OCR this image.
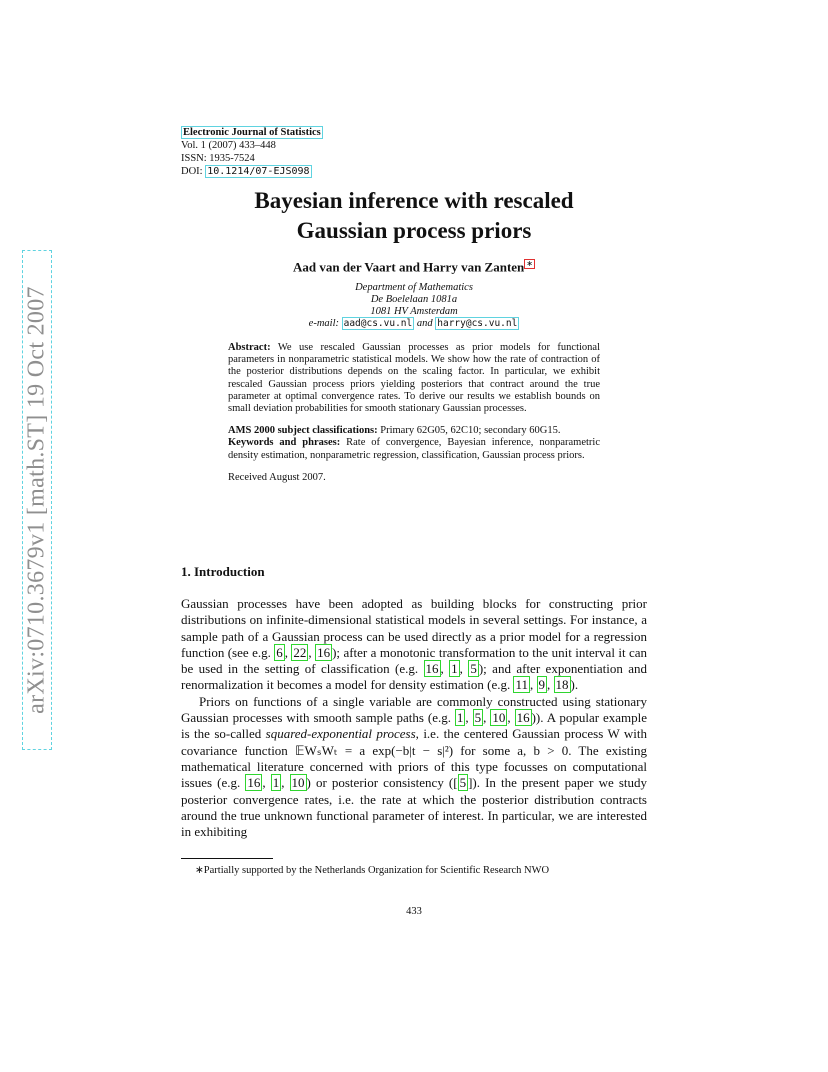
arXiv:0710.3679v1 [math.ST] 19 Oct 2007
Electronic Journal of Statistics
Vol. 1 (2007) 433–448
ISSN: 1935-7524
DOI: 10.1214/07-EJS098
Bayesian inference with rescaled
Gaussian process priors
Aad van der Vaart and Harry van Zanten ∗
Department of Mathematics
De Boelelaan 1081a
1081 HV Amsterdam
e-mail: aad@cs.vu.nl and harry@cs.vu.nl

Abstract: We use rescaled Gaussian processes as prior models for functional parameters in nonparametric statistical models. We show how the rate of contraction of the posterior distributions depends on the scaling factor. In particular, we exhibit rescaled Gaussian process priors yielding posteriors that contract around the true parameter at optimal convergence rates. To derive our results we establish bounds on small deviation probabilities for smooth stationary Gaussian processes.

AMS 2000 subject classifications: Primary 62G05, 62C10; secondary 60G15.

Keywords and phrases: Rate of convergence, Bayesian inference, nonparametric density estimation, nonparametric regression, classification, Gaussian process priors.

Received August 2007.

1. Introduction

Gaussian processes have been adopted as building blocks for constructing prior distributions on infinite-dimensional statistical models in several settings. For instance, a sample path of a Gaussian process can be used directly as a prior model for a regression function (see e.g. 6 , 22 , 16 ); after a monotonic transformation to the unit interval it can be used in the setting of classification (e.g. 16 , 1 , 5 ); and after exponentiation and renormalization it becomes a model for density estimation (e.g. 11 , 9 , 18 ).

Priors on functions of a single variable are commonly constructed using stationary Gaussian processes with smooth sample paths (e.g. 1 , 5 , 10 , 16 )). A popular example is the so-called squared-exponential process, i.e. the centered Gaussian process W with covariance function 𝔼WₛWₜ = a exp(−b|t − s|²) for some a, b > 0. The existing mathematical literature concerned with priors of this type focusses on computational issues (e.g. 16 , 1 , 10 ) or posterior consistency ([ 5 ]). In the present paper we study posterior convergence rates, i.e. the rate at which the posterior distribution contracts around the true unknown functional parameter of interest. In particular, we are interested in exhibiting

∗Partially supported by the Netherlands Organization for Scientific Research NWO
433
